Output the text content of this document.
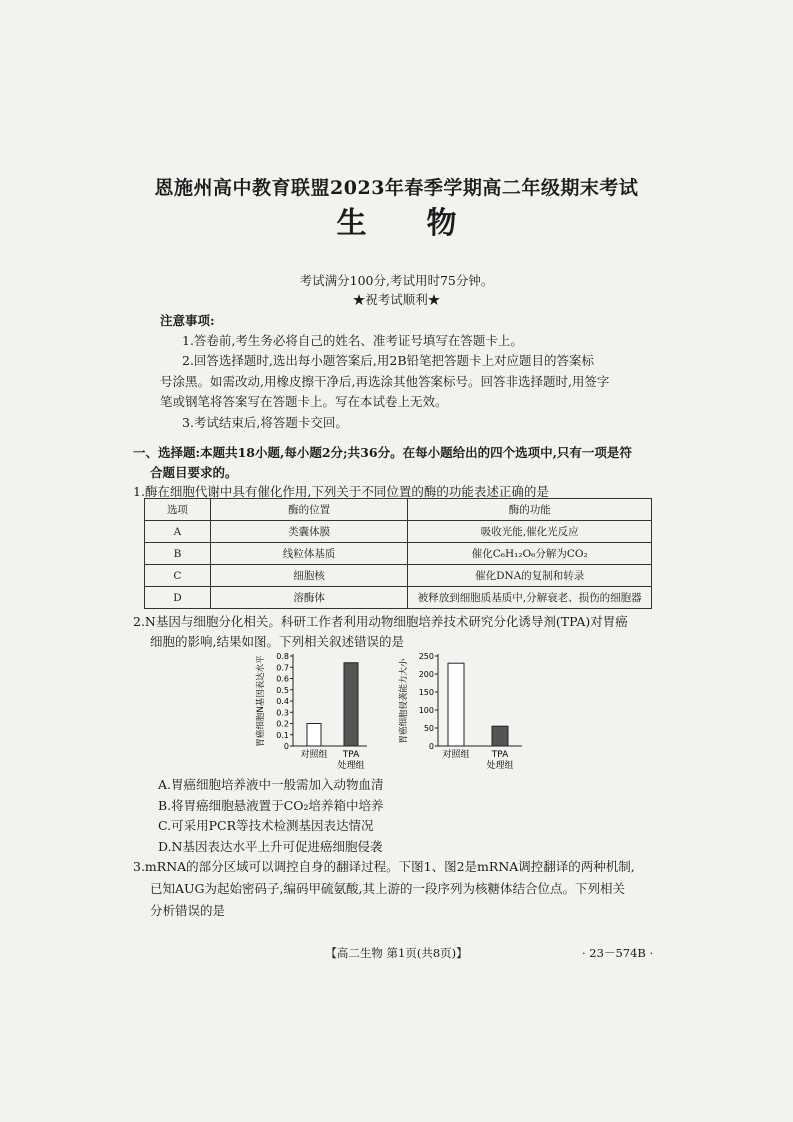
恩施州高中教育联盟2023年春季学期高二年级期末考试
生物
考试满分100分,考试用时75分钟。
★祝考试顺利★
注意事项:
1.答卷前,考生务必将自己的姓名、准考证号填写在答题卡上。
2.回答选择题时,选出每小题答案后,用2B铅笔把答题卡上对应题目的答案标
号涂黑。如需改动,用橡皮擦干净后,再选涂其他答案标号。回答非选择题时,用签字
笔或钢笔将答案写在答题卡上。写在本试卷上无效。
3.考试结束后,将答题卡交回。
一、选择题:本题共18小题,每小题2分;共36分。在每小题给出的四个选项中,只有一项是符
合题目要求的。
1.酶在细胞代谢中具有催化作用,下列关于不同位置的酶的功能表述正确的是
选项	酶的位置	酶的功能
A	类囊体膜	吸收光能,催化光反应
B	线粒体基质	催化C₆H₁₂O₆分解为CO₂
C	细胞核	催化DNA的复制和转录
D	溶酶体	被释放到细胞质基质中,分解衰老、损伤的细胞器
2.N基因与细胞分化相关。科研工作者利用动物细胞培养技术研究分化诱导剂(TPA)对胃癌
细胞的影响,结果如图。下列相关叙述错误的是
胃癌细胞N基因表达水平 0
0.1
0.2
0.3
0.4
0.5
0.6
0.7
0.8
对照组 TPA
处理组
胃癌细胞侵袭能力大小
0
50
100
150
200
250
对照组 TPA
处理组
A.胃癌细胞培养液中一般需加入动物血清
B.将胃癌细胞悬液置于CO₂培养箱中培养
C.可采用PCR等技术检测基因表达情况
D.N基因表达水平上升可促进癌细胞侵袭
3.mRNA的部分区域可以调控自身的翻译过程。下图1、图2是mRNA调控翻译的两种机制,
已知AUG为起始密码子,编码甲硫氨酸,其上游的一段序列为核糖体结合位点。下列相关
分析错误的是
【高二生物 第1页(共8页)】	· 23－574B ·
